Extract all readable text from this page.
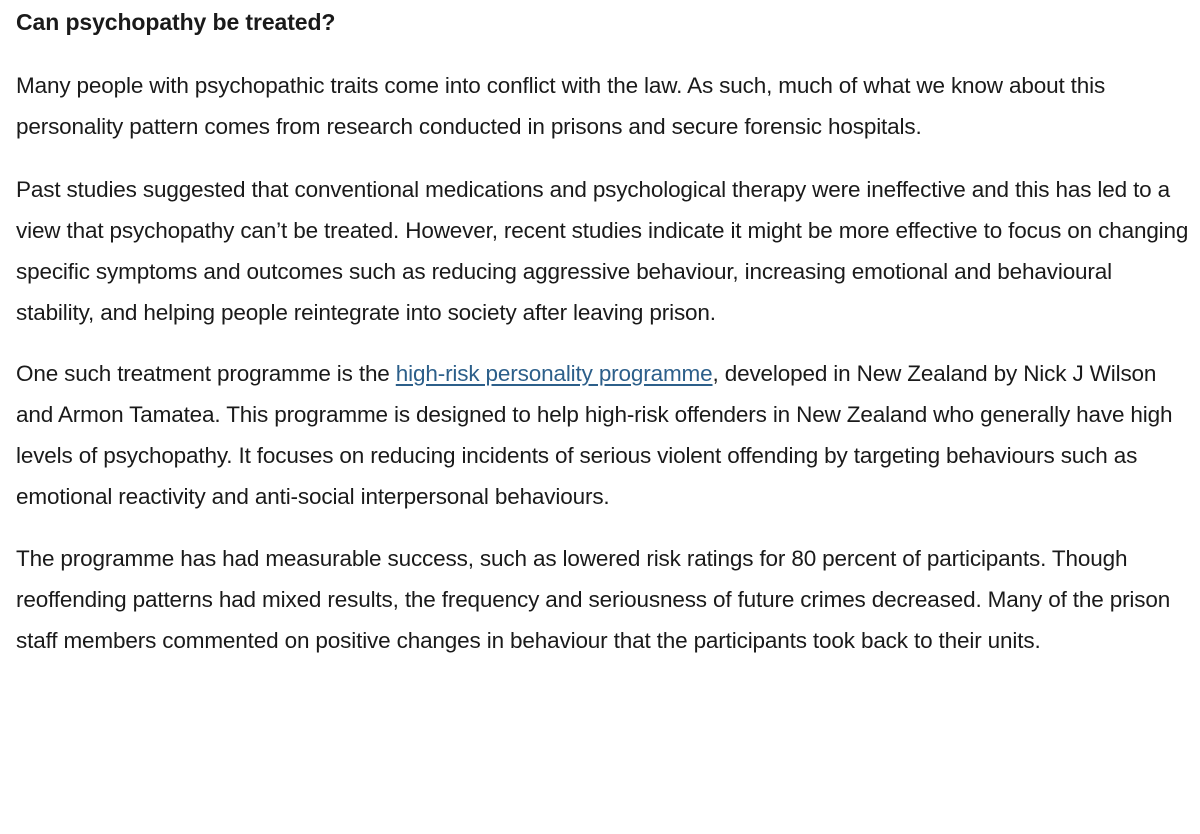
Can psychopathy be treated?

Many people with psychopathic traits come into conflict with the law. As such, much of what we know about this personality pattern comes from research conducted in prisons and secure forensic hospitals.

Past studies suggested that conventional medications and psychological therapy were ineffective and this has led to a view that psychopathy can’t be treated. However, recent studies indicate it might be more effective to focus on changing specific symptoms and outcomes such as reducing aggressive behaviour, increasing emotional and behavioural stability, and helping people reintegrate into society after leaving prison.

One such treatment programme is the high-risk personality programme, developed in New Zealand by Nick J Wilson and Armon Tamatea. This programme is designed to help high-risk offenders in New Zealand who generally have high levels of psychopathy. It focuses on reducing incidents of serious violent offending by targeting behaviours such as emotional reactivity and anti-social interpersonal behaviours.

The programme has had measurable success, such as lowered risk ratings for 80 percent of participants. Though reoffending patterns had mixed results, the frequency and seriousness of future crimes decreased. Many of the prison staff members commented on positive changes in behaviour that the participants took back to their units.
